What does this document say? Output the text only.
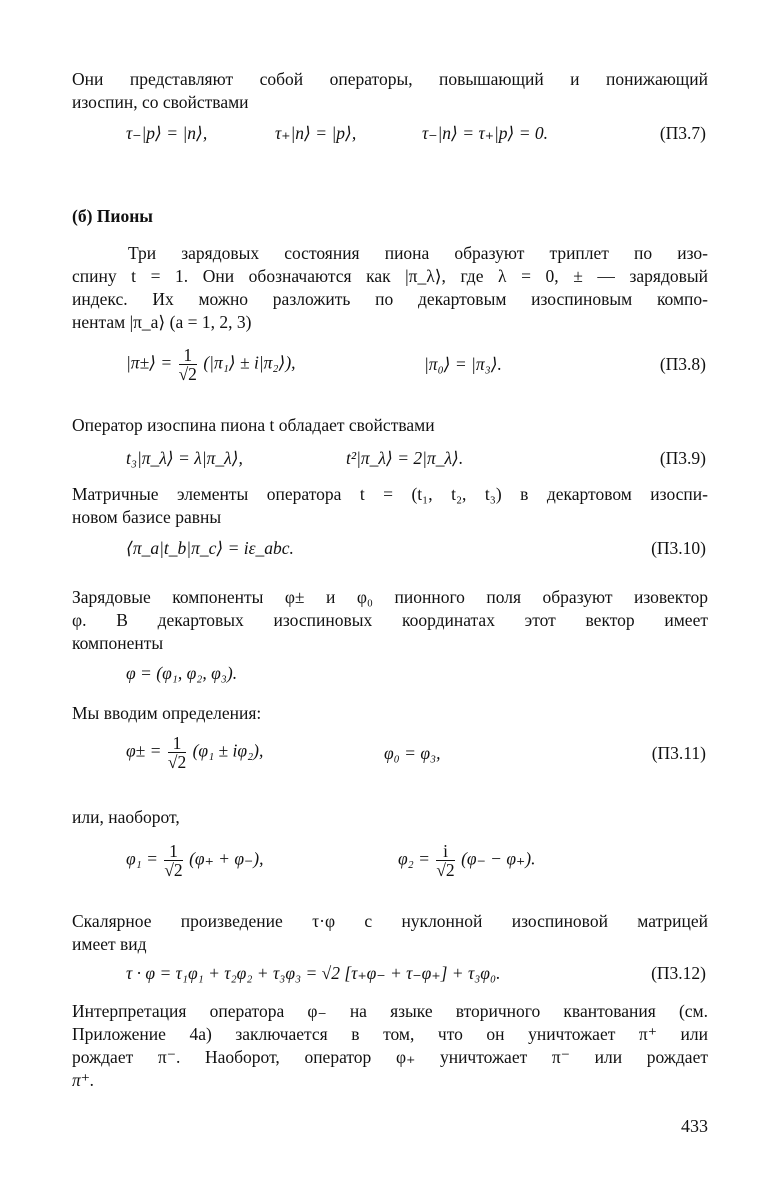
Они представляют собой операторы, повышающий и понижающий
изоспин, со свойствами
τ₋|p⟩ = |n⟩,	τ₊|n⟩ = |p⟩,	τ₋|n⟩ = τ₊|p⟩ = 0.	(П3.7)
(б) Пионы
Три зарядовых состояния пиона образуют триплет по изо-
спину t = 1. Они обозначаются как |π_λ⟩, где λ = 0, ± — зарядовый
индекс. Их можно разложить по декартовым изоспиновым компо-
нентам |π_a⟩ (a = 1, 2, 3)
|π±⟩ = $\frac{1}{√2}$ (|π₁⟩ ± i|π₂⟩),	|π₀⟩ = |π₃⟩.	(П3.8)
Оператор изоспина пиона t обладает свойствами
t₃|π_λ⟩ = λ|π_λ⟩,	t²|π_λ⟩ = 2|π_λ⟩.	(П3.9)
Матричные элементы оператора t = (t₁, t₂, t₃) в декартовом изоспи-
новом базисе равны
⟨π_a|t_b|π_c⟩ = iε_abc.	(П3.10)
Зарядовые компоненты φ± и φ₀ пионного поля образуют изовектор
φ. В декартовых изоспиновых координатах этот вектор имеет
компоненты
φ = (φ₁, φ₂, φ₃).
Мы вводим определения:
$\varphi\pm = \frac{1}{√2} (\varphi_1 \pm i\varphi_2)$,	φ₀ = φ₃,	(П3.11)
или, наоборот,
$\varphi_1 = \frac{1}{√2} (\varphi_+ + \varphi_-)$,	$\varphi_2 = \frac{i}{√2} (\varphi_- - \varphi_+)$.
Скалярное произведение τ·φ с нуклонной изоспиновой матрицей
имеет вид
τ · φ = τ₁φ₁ + τ₂φ₂ + τ₃φ₃ = √2 [τ₊φ₋ + τ₋φ₊] + τ₃φ₀.	(П3.12)
Интерпретация оператора φ₋ на языке вторичного квантования (см.
Приложение 4а) заключается в том, что он уничтожает π⁺ или
рождает π⁻. Наоборот, оператор φ₊ уничтожает π⁻ или рождает
π⁺.
433
